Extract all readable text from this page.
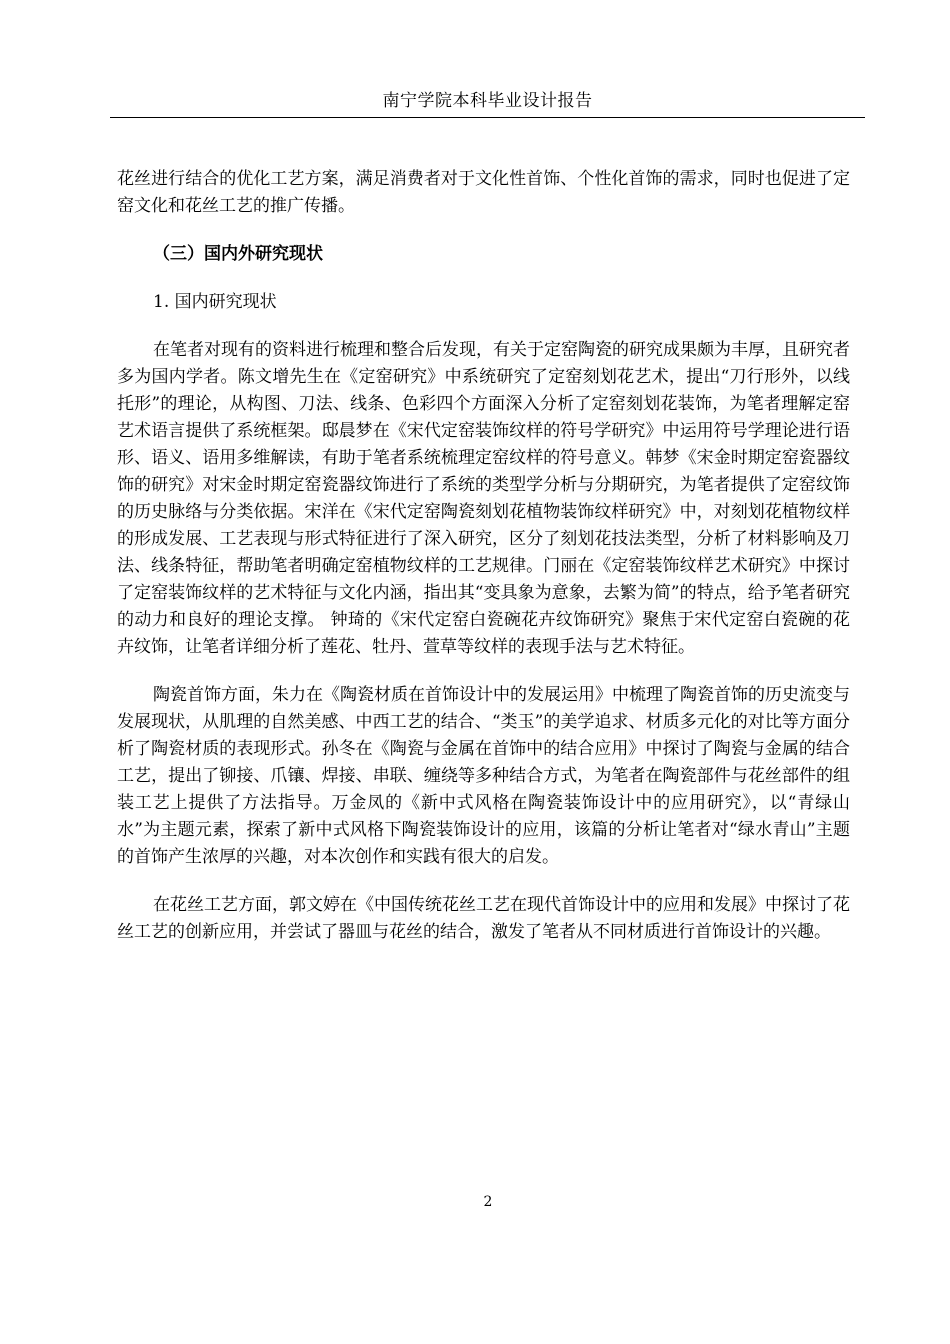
南宁学院本科毕业设计报告

花丝进行结合的优化工艺方案，满足消费者对于文化性首饰、个性化首饰的需求，同时也促进了定窑文化和花丝工艺的推广传播。

（三）国内外研究现状

1. 国内研究现状

在笔者对现有的资料进行梳理和整合后发现，有关于定窑陶瓷的研究成果颇为丰厚，且研究者多为国内学者。陈文增先生在《定窑研究》中系统研究了定窑刻划花艺术，提出“刀行形外，以线托形”的理论，从构图、刀法、线条、色彩四个方面深入分析了定窑刻划花装饰，为笔者理解定窑艺术语言提供了系统框架。邸晨梦在《宋代定窑装饰纹样的符号学研究》中运用符号学理论进行语形、语义、语用多维解读，有助于笔者系统梳理定窑纹样的符号意义。韩梦《宋金时期定窑瓷器纹饰的研究》对宋金时期定窑瓷器纹饰进行了系统的类型学分析与分期研究，为笔者提供了定窑纹饰的历史脉络与分类依据。宋洋在《宋代定窑陶瓷刻划花植物装饰纹样研究》中，对刻划花植物纹样的形成发展、工艺表现与形式特征进行了深入研究，区分了刻划花技法类型，分析了材料影响及刀法、线条特征，帮助笔者明确定窑植物纹样的工艺规律。门丽在《定窑装饰纹样艺术研究》中探讨了定窑装饰纹样的艺术特征与文化内涵，指出其“变具象为意象，去繁为简”的特点，给予笔者研究的动力和良好的理论支撑。 钟琦的《宋代定窑白瓷碗花卉纹饰研究》聚焦于宋代定窑白瓷碗的花卉纹饰，让笔者详细分析了莲花、牡丹、萱草等纹样的表现手法与艺术特征。

陶瓷首饰方面，朱力在《陶瓷材质在首饰设计中的发展运用》中梳理了陶瓷首饰的历史流变与发展现状，从肌理的自然美感、中西工艺的结合、“类玉”的美学追求、材质多元化的对比等方面分析了陶瓷材质的表现形式。孙冬在《陶瓷与金属在首饰中的结合应用》中探讨了陶瓷与金属的结合工艺，提出了铆接、爪镶、焊接、串联、缠绕等多种结合方式，为笔者在陶瓷部件与花丝部件的组装工艺上提供了方法指导。万金凤的《新中式风格在陶瓷装饰设计中的应用研究》，以“青绿山水”为主题元素，探索了新中式风格下陶瓷装饰设计的应用，该篇的分析让笔者对“绿水青山”主题的首饰产生浓厚的兴趣，对本次创作和实践有很大的启发。

在花丝工艺方面，郭文婷在《中国传统花丝工艺在现代首饰设计中的应用和发展》中探讨了花丝工艺的创新应用，并尝试了器皿与花丝的结合，激发了笔者从不同材质进行首饰设计的兴趣。

2
